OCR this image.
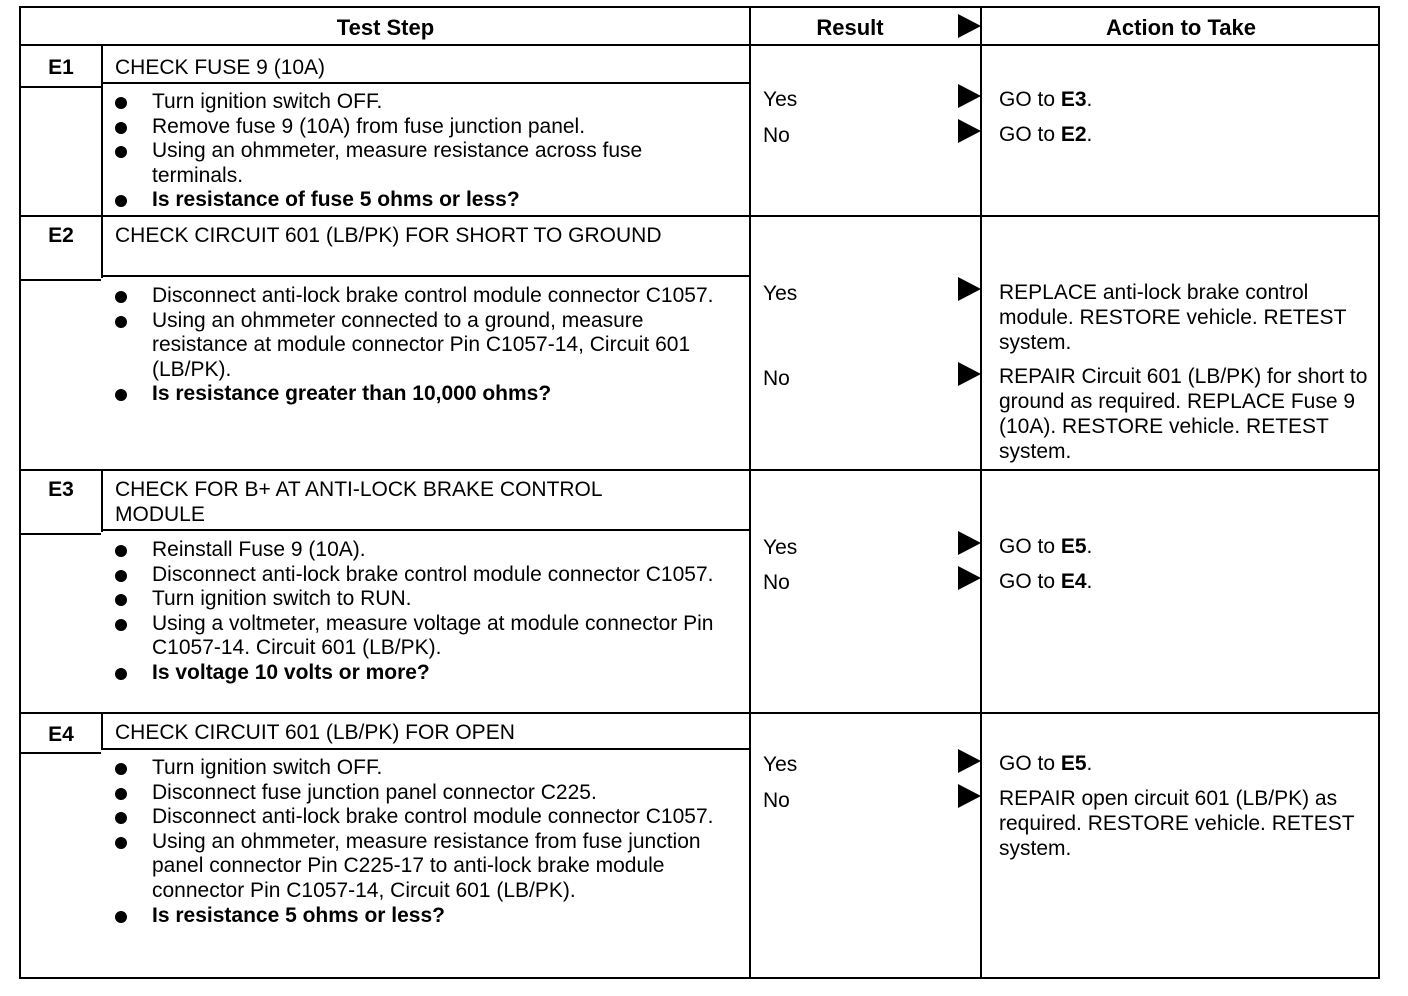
Test Step	Result	Action to Take
E1	CHECK FUSE 9 (10A)
Turn ignition switch OFF.
Remove fuse 9 (10A) from fuse junction panel.
Using an ohmmeter, measure resistance across fuse terminals.
Is resistance of fuse 5 ohms or less?
Yes	GO to E3.
No	GO to E2.
E2	CHECK CIRCUIT 601 (LB/PK) FOR SHORT TO GROUND
Disconnect anti-lock brake control module connector C1057.
Using an ohmmeter connected to a ground, measure resistance at module connector Pin C1057-14, Circuit 601 (LB/PK).
Is resistance greater than 10,000 ohms?
Yes	REPLACE anti-lock brake control module. RESTORE vehicle. RETEST system.
No	REPAIR Circuit 601 (LB/PK) for short to ground as required. REPLACE Fuse 9 (10A). RESTORE vehicle. RETEST system.
E3	CHECK FOR B+ AT ANTI-LOCK BRAKE CONTROL MODULE
Reinstall Fuse 9 (10A).
Disconnect anti-lock brake control module connector C1057.
Turn ignition switch to RUN.
Using a voltmeter, measure voltage at module connector Pin C1057-14. Circuit 601 (LB/PK).
Is voltage 10 volts or more?
Yes	GO to E5.
No	GO to E4.
E4	CHECK CIRCUIT 601 (LB/PK) FOR OPEN
Turn ignition switch OFF.
Disconnect fuse junction panel connector C225.
Disconnect anti-lock brake control module connector C1057.
Using an ohmmeter, measure resistance from fuse junction panel connector Pin C225-17 to anti-lock brake module connector Pin C1057-14, Circuit 601 (LB/PK).
Is resistance 5 ohms or less?
Yes	GO to E5.
No	REPAIR open circuit 601 (LB/PK) as required. RESTORE vehicle. RETEST system.
